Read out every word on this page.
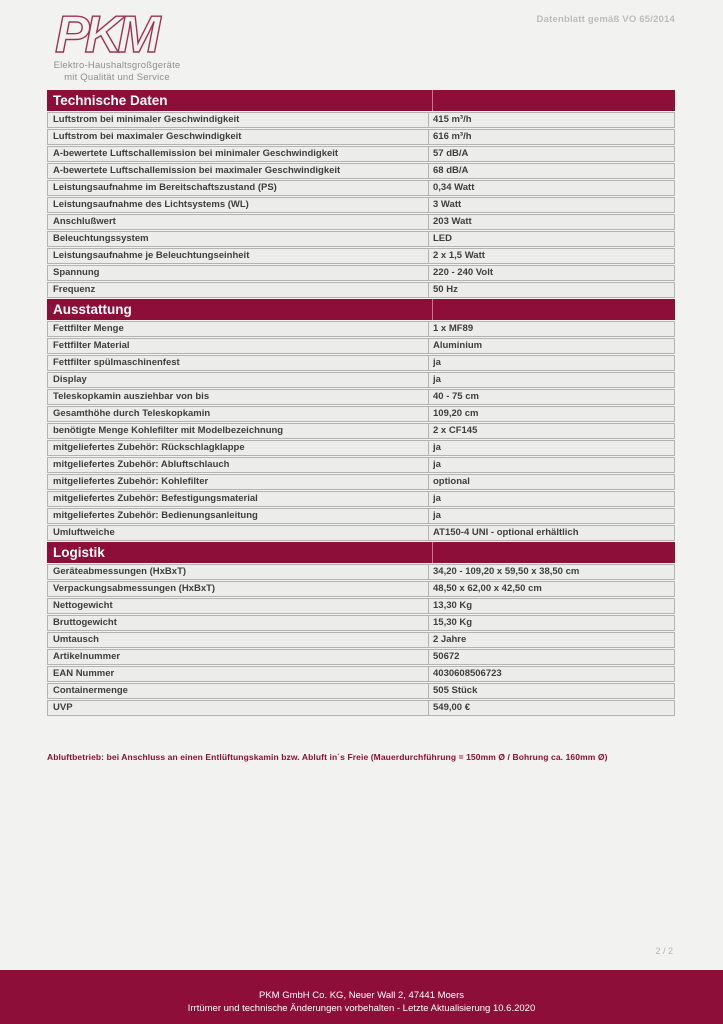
PKM
Elektro-Haushaltsgroßgeräte
mit Qualität und Service
Datenblatt gemäß VO 65/2014
Technische Daten
Luftstrom bei minimaler Geschwindigkeit	415 m³/h
Luftstrom bei maximaler Geschwindigkeit	616 m³/h
A-bewertete Luftschallemission bei minimaler Geschwindigkeit	57 dB/A
A-bewertete Luftschallemission bei maximaler Geschwindigkeit	68 dB/A
Leistungsaufnahme im Bereitschaftszustand (PS)	0,34 Watt
Leistungsaufnahme des Lichtsystems (WL)	3 Watt
Anschlußwert	203 Watt
Beleuchtungssystem	LED
Leistungsaufnahme je Beleuchtungseinheit	2 x 1,5 Watt
Spannung	220 - 240 Volt
Frequenz	50 Hz
Ausstattung
Fettfilter Menge	1 x MF89
Fettfilter Material	Aluminium
Fettfilter spülmaschinenfest	ja
Display	ja
Teleskopkamin ausziehbar von bis	40 - 75 cm
Gesamthöhe durch Teleskopkamin	109,20 cm
benötigte Menge Kohlefilter mit Modelbezeichnung	2 x CF145
mitgeliefertes Zubehör: Rückschlagklappe	ja
mitgeliefertes Zubehör: Abluftschlauch	ja
mitgeliefertes Zubehör: Kohlefilter	optional
mitgeliefertes Zubehör: Befestigungsmaterial	ja
mitgeliefertes Zubehör: Bedienungsanleitung	ja
Umluftweiche	AT150-4 UNI - optional erhältlich
Logistik
Geräteabmessungen (HxBxT)	34,20 - 109,20 x 59,50 x 38,50 cm
Verpackungsabmessungen (HxBxT)	48,50 x 62,00 x 42,50 cm
Nettogewicht	13,30 Kg
Bruttogewicht	15,30 Kg
Umtausch	2 Jahre
Artikelnummer	50672
EAN Nummer	4030608506723
Containermenge	505 Stück
UVP	549,00 €
Abluftbetrieb: bei Anschluss an einen Entlüftungskamin bzw. Abluft in´s Freie (Mauerdurchführung = 150mm Ø / Bohrung ca. 160mm Ø)
2 / 2
PKM GmbH Co. KG, Neuer Wall 2, 47441 Moers
Irrtümer und technische Änderungen vorbehalten - Letzte Aktualisierung 10.6.2020
